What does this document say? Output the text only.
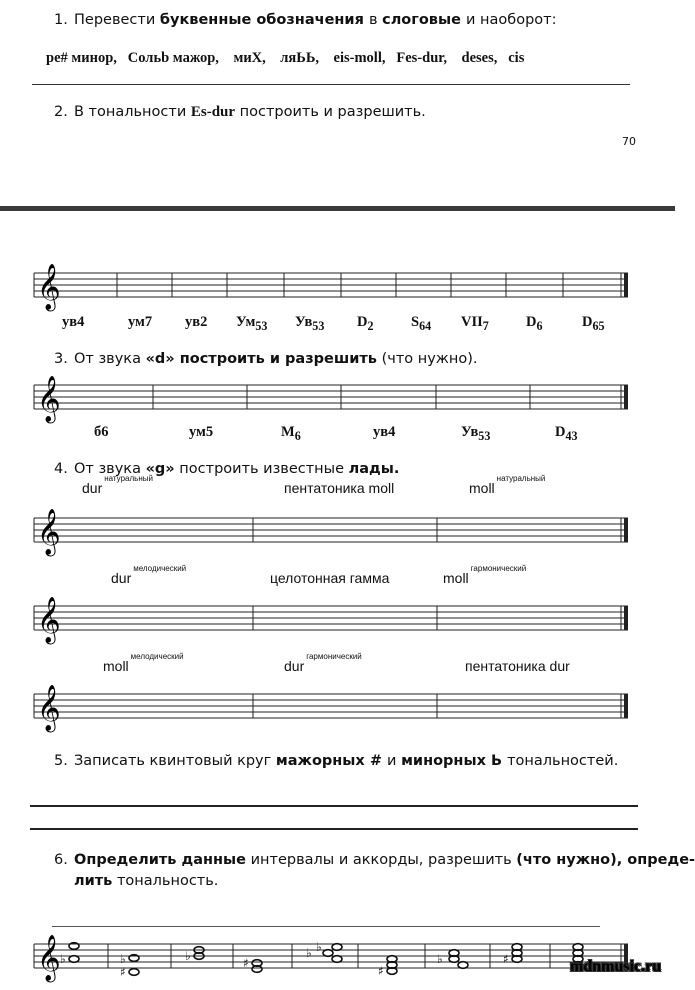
1. Перевести буквенные обозначения в слоговые и наоборот:
ре# минор, Сольb мажор, миХ, ляЬЬ, eis-moll, Fes-dur, deses, cis
2. В тональности Es-dur построить и разрешить.
70
𝄞
ув4	ум7 ув2 $Ум_{53}$ $Ув_{53}$ $D_2$	$S_{64}$ $VII_7$	$D_6$	$D_{65}$
3. От звука «d» построить и разрешить (что нужно).
𝄞
б6	ум5	$М_6$	ув4	$Ув_{53}$	$D_{43}$
4. От звука «g» построить известные лады.
dur$^{натуральный}$
пентатоника moll	moll$^{натуральный}$
𝄞
dur$^{мелодический}$
целотонная гамма	moll$^{гармонический}$
𝄞
moll$^{мелодический}$
dur$^{гармонический}$
пентатоника dur
𝄞
5. Записать квинтовый круг мажорных # и минорных Ь тональностей.
6. Определить данные интервалы и аккорды, разрешить (что нужно), опреде-
лить тональность.
𝄞 ♭	♭
♯
♭	♯
♭ ♭
♯
♭	♯	mdnmusic.ru
